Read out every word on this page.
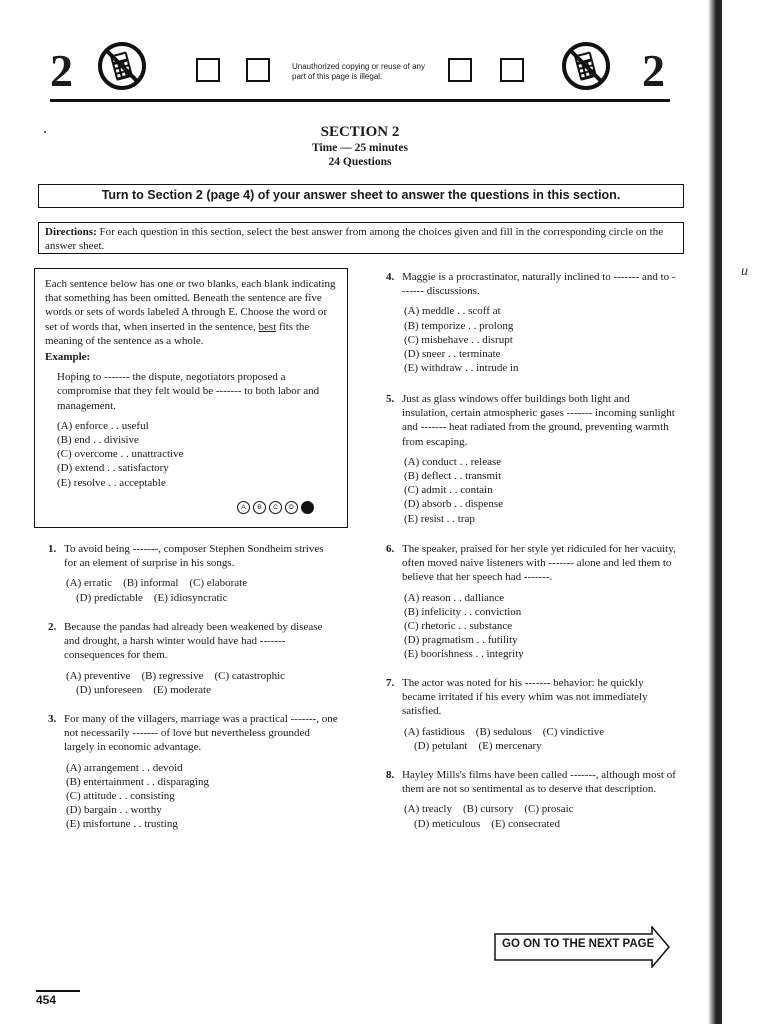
u
2	Unauthorized copying or reuse of any part of this page is illegal.	2
SECTION 2
Time — 25 minutes
24 Questions
Turn to Section 2 (page 4) of your answer sheet to answer the questions in this section.
Directions: For each question in this section, select the best answer from among the choices given and fill in the corresponding circle on the answer sheet.
Each sentence below has one or two blanks, each blank indicating that something has been omitted. Beneath the sentence are five words or sets of words labeled A through E. Choose the word or set of words that, when inserted in the sentence, best fits the meaning of the sentence as a whole.
Example:
Hoping to ------- the dispute, negotiators proposed a compromise that they felt would be ------- to both labor and management.
(A) enforce . . useful
(B) end . . divisive
(C) overcome . . unattractive
(D) extend . . satisfactory
(E) resolve . . acceptable
A	B	C	D
1. To avoid being -------, composer Stephen Sondheim strives for an element of surprise in his songs.
(A) erratic    (B) informal    (C) elaborate
(D) predictable    (E) idiosyncratic
2. Because the pandas had already been weakened by disease and drought, a harsh winter would have had ------- consequences for them.
(A) preventive    (B) regressive    (C) catastrophic
(D) unforeseen    (E) moderate
3. For many of the villagers, marriage was a practical -------, one not necessarily ------- of love but nevertheless grounded largely in economic advantage.
(A) arrangement . . devoid
(B) entertainment . . disparaging
(C) attitude . . consisting
(D) bargain . . worthy
(E) misfortune . . trusting
4. Maggie is a procrastinator, naturally inclined to ------- and to ------- discussions.
(A) meddle . . scoff at
(B) temporize . . prolong
(C) misbehave . . disrupt
(D) sneer . . terminate
(E) withdraw . . intrude in
5. Just as glass windows offer buildings both light and insulation, certain atmospheric gases ------- incoming sunlight and ------- heat radiated from the ground, preventing warmth from escaping.
(A) conduct . . release
(B) deflect . . transmit
(C) admit . . contain
(D) absorb . . dispense
(E) resist . . trap
6. The speaker, praised for her style yet ridiculed for her vacuity, often moved naive listeners with ------- alone and led them to believe that her speech had -------.
(A) reason . . dalliance
(B) infelicity . . conviction
(C) rhetoric . . substance
(D) pragmatism . . futility
(E) boorishness . . integrity
7. The actor was noted for his ------- behavior: he quickly became irritated if his every whim was not immediately satisfied.
(A) fastidious    (B) sedulous    (C) vindictive
(D) petulant    (E) mercenary
8. Hayley Mills's films have been called -------, although most of them are not so sentimental as to deserve that description.
(A) treacly    (B) cursory    (C) prosaic
(D) meticulous    (E) consecrated
GO ON TO THE NEXT PAGE
454
